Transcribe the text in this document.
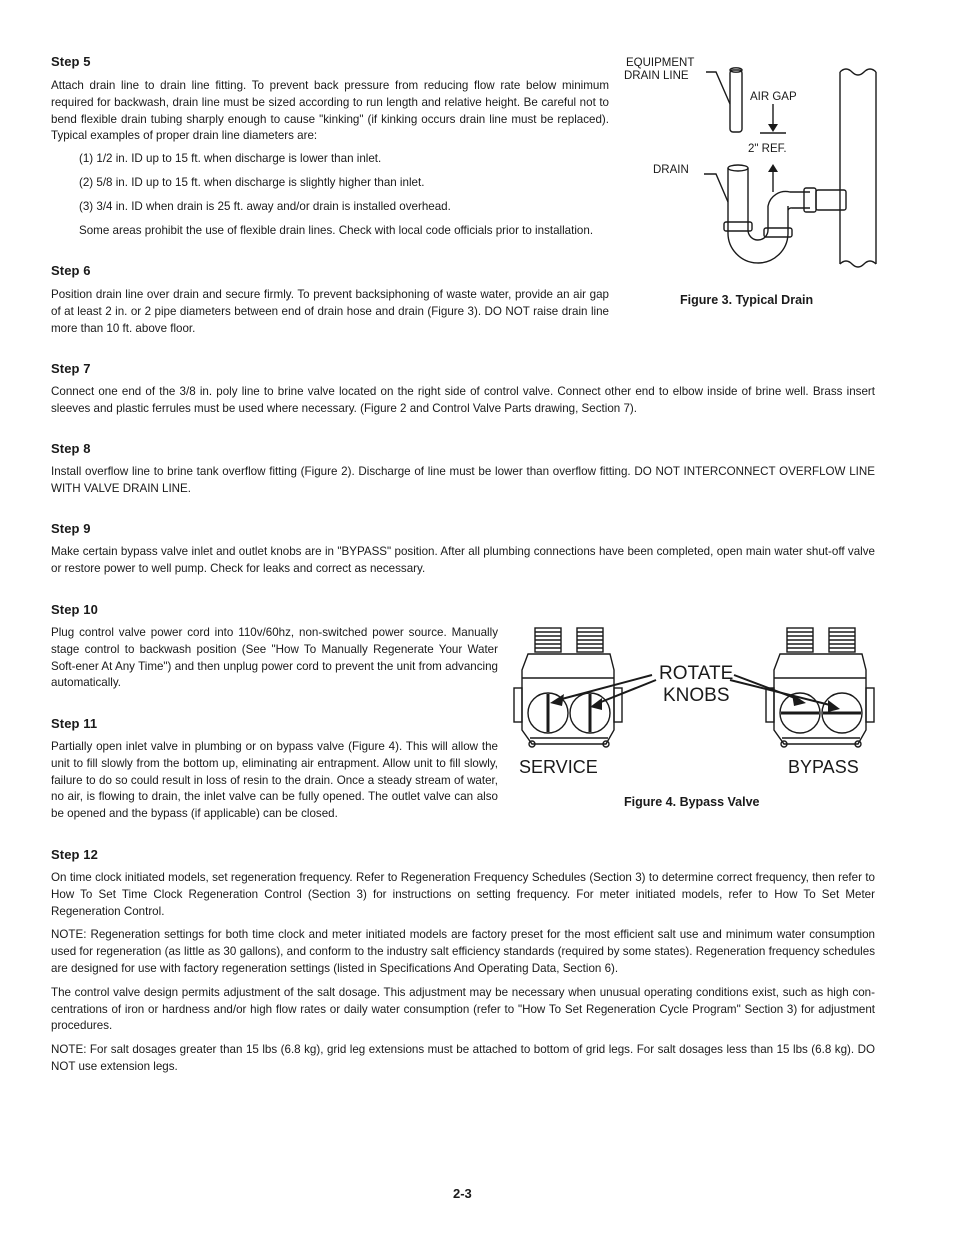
Step 5

Attach drain line to drain line fitting. To prevent back pressure from reducing flow rate below minimum required for backwash, drain line must be sized according to run length and relative height. Be careful not to bend flexible drain tubing sharply enough to cause "kinking" (if kinking occurs drain line must be replaced). Typical examples of proper drain line diameters are:

(1) 1/2 in. ID up to 15 ft. when discharge is lower than inlet.

(2) 5/8 in. ID up to 15 ft. when discharge is slightly higher than inlet.

(3) 3/4 in. ID when drain is 25 ft. away and/or drain is installed overhead.

Some areas prohibit the use of flexible drain lines. Check with local code officials prior to installation.

Step 6

Position drain line over drain and secure firmly. To prevent backsiphoning of waste water, provide an air gap of at least 2 in. or 2 pipe diameters between end of drain hose and drain (Figure 3). DO NOT raise drain line more than 10 ft. above floor.

EQUIPMENT
DRAIN LINE
AIR GAP
2" REF.
DRAIN
Figure 3. Typical Drain
Step 7

Connect one end of the 3/8 in. poly line to brine valve located on the right side of control valve. Connect other end to elbow inside of brine well. Brass insert sleeves and plastic ferrules must be used where necessary. (Figure 2 and Control Valve Parts drawing, Section 7).

Step 8

Install overflow line to brine tank overflow fitting (Figure 2). Discharge of line must be lower than overflow fitting. DO NOT INTERCONNECT OVERFLOW LINE WITH VALVE DRAIN LINE.

Step 9

Make certain bypass valve inlet and outlet knobs are in "BYPASS" position. After all plumbing connections have been completed, open main water shut-off valve or restore power to well pump. Check for leaks and correct as necessary.

Step 10

Plug control valve power cord into 110v/60hz, non-switched power source. Manually stage control to backwash position (See "How To Manually Regenerate Your Water Soft-ener At Any Time") and then unplug power cord to prevent the unit from advancing automatically.

Step 11

Partially open inlet valve in plumbing or on bypass valve (Figure 4). This will allow the unit to fill slowly from the bottom up, eliminating air entrapment. Allow unit to fill slowly, failure to do so could result in loss of resin to the drain. Once a steady stream of water, no air, is flowing to drain, the inlet valve can be fully opened. The outlet valve can also be opened and the bypass (if applicable) can be closed.

ROTATE
KNOBS
SERVICE	BYPASS
Figure 4. Bypass Valve
Step 12

On time clock initiated models, set regeneration frequency. Refer to Regeneration Frequency Schedules (Section 3) to determine correct frequency, then refer to How To Set Time Clock Regeneration Control (Section 3) for instructions on setting frequency. For meter initiated models, refer to How To Set Meter Regeneration Control.

NOTE: Regeneration settings for both time clock and meter initiated models are factory preset for the most efficient salt use and minimum water consumption used for regeneration (as little as 30 gallons), and conform to the industry salt efficiency standards (required by some states). Regeneration frequency schedules are designed for use with factory regeneration settings (listed in Specifications And Operating Data, Section 6).

The control valve design permits adjustment of the salt dosage. This adjustment may be necessary when unusual operating conditions exist, such as high con-centrations of iron or hardness and/or high flow rates or daily water consumption (refer to "How To Set Regeneration Cycle Program" Section 3) for adjustment procedures.

NOTE: For salt dosages greater than 15 lbs (6.8 kg), grid leg extensions must be attached to bottom of grid legs. For salt dosages less than 15 lbs (6.8 kg). DO NOT use extension legs.

2-3
